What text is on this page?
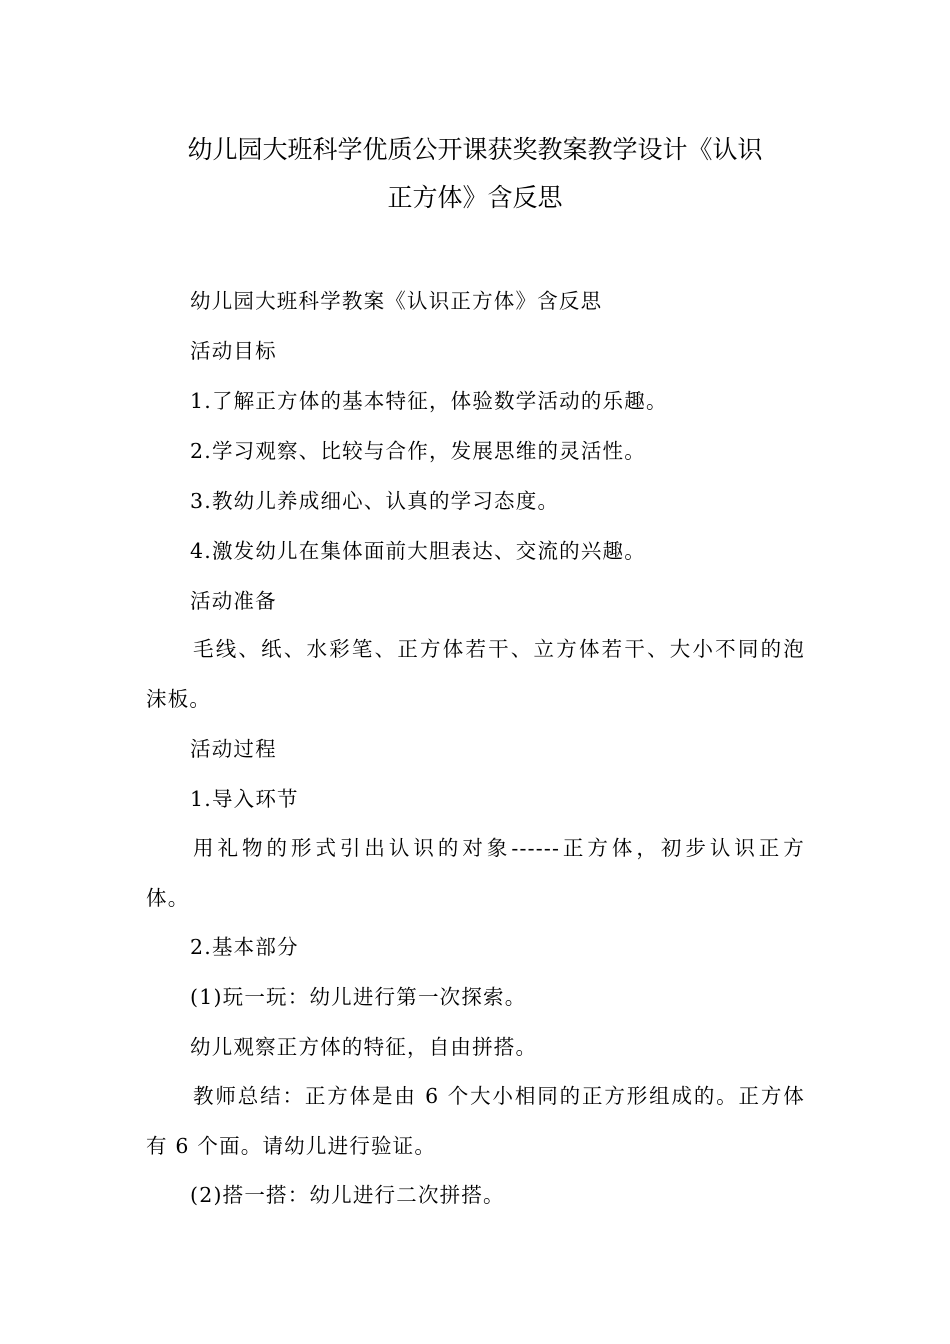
幼儿园大班科学优质公开课获奖教案教学设计《认识
正方体》含反思
幼儿园大班科学教案《认识正方体》含反思
活动目标
1.了解正方体的基本特征，体验数学活动的乐趣。
2.学习观察、比较与合作，发展思维的灵活性。
3.教幼儿养成细心、认真的学习态度。
4.激发幼儿在集体面前大胆表达、交流的兴趣。
活动准备
毛线、纸、水彩笔、正方体若干、立方体若干、大小不同的泡
沫板。
活动过程
1.导入环节
用礼物的形式引出认识的对象------正方体，初步认识正方
体。
2.基本部分
(1)玩一玩：幼儿进行第一次探索。
幼儿观察正方体的特征，自由拼搭。
教师总结：正方体是由 6 个大小相同的正方形组成的。正方体
有 6 个面。请幼儿进行验证。
(2)搭一搭：幼儿进行二次拼搭。
